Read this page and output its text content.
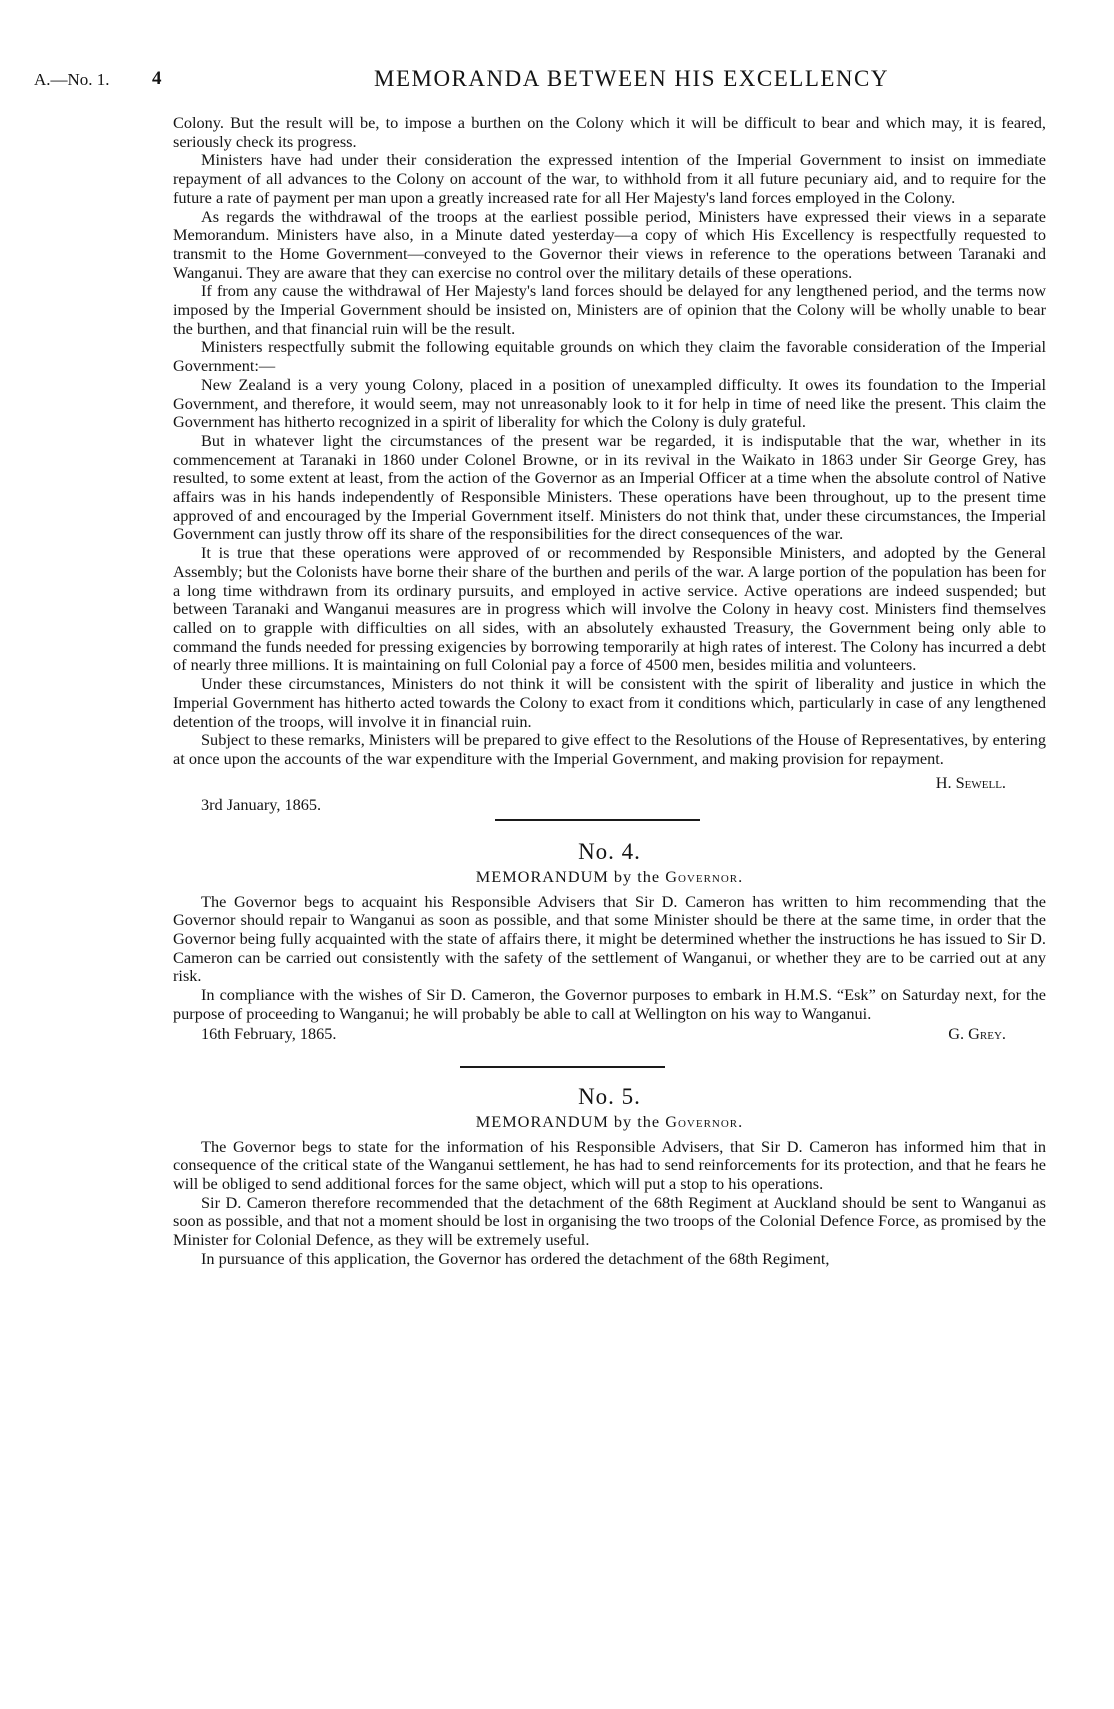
A.—No. 1. 4	MEMORANDA BETWEEN HIS EXCELLENCY

Colony. But the result will be, to impose a burthen on the Colony which it will be difficult to bear and which may, it is feared, seriously check its progress.

Ministers have had under their consideration the expressed intention of the Imperial Government to insist on immediate repayment of all advances to the Colony on account of the war, to withhold from it all future pecuniary aid, and to require for the future a rate of payment per man upon a greatly increased rate for all Her Majesty's land forces employed in the Colony.

As regards the withdrawal of the troops at the earliest possible period, Ministers have expressed their views in a separate Memorandum. Ministers have also, in a Minute dated yesterday—a copy of which His Excellency is respectfully requested to transmit to the Home Government—conveyed to the Governor their views in reference to the operations between Taranaki and Wanganui. They are aware that they can exercise no control over the military details of these operations.

If from any cause the withdrawal of Her Majesty's land forces should be delayed for any lengthened period, and the terms now imposed by the Imperial Government should be insisted on, Ministers are of opinion that the Colony will be wholly unable to bear the burthen, and that financial ruin will be the result.

Ministers respectfully submit the following equitable grounds on which they claim the favorable consideration of the Imperial Government:—

New Zealand is a very young Colony, placed in a position of unexampled difficulty. It owes its foundation to the Imperial Government, and therefore, it would seem, may not unreasonably look to it for help in time of need like the present. This claim the Government has hitherto recognized in a spirit of liberality for which the Colony is duly grateful.

But in whatever light the circumstances of the present war be regarded, it is indisputable that the war, whether in its commencement at Taranaki in 1860 under Colonel Browne, or in its revival in the Waikato in 1863 under Sir George Grey, has resulted, to some extent at least, from the action of the Governor as an Imperial Officer at a time when the absolute control of Native affairs was in his hands independently of Responsible Ministers. These operations have been throughout, up to the present time approved of and encouraged by the Imperial Government itself. Ministers do not think that, under these circumstances, the Imperial Government can justly throw off its share of the responsibilities for the direct consequences of the war.

It is true that these operations were approved of or recommended by Responsible Ministers, and adopted by the General Assembly; but the Colonists have borne their share of the burthen and perils of the war. A large portion of the population has been for a long time withdrawn from its ordinary pursuits, and employed in active service. Active operations are indeed suspended; but between Taranaki and Wanganui measures are in progress which will involve the Colony in heavy cost. Ministers find themselves called on to grapple with difficulties on all sides, with an absolutely exhausted Treasury, the Government being only able to command the funds needed for pressing exigencies by borrowing temporarily at high rates of interest. The Colony has incurred a debt of nearly three millions. It is maintaining on full Colonial pay a force of 4500 men, besides militia and volunteers.

Under these circumstances, Ministers do not think it will be consistent with the spirit of liberality and justice in which the Imperial Government has hitherto acted towards the Colony to exact from it conditions which, particularly in case of any lengthened detention of the troops, will involve it in financial ruin.

Subject to these remarks, Ministers will be prepared to give effect to the Resolutions of the House of Representatives, by entering at once upon the accounts of the war expenditure with the Imperial Government, and making provision for repayment.

H. Sewell.
3rd January, 1865.
No. 4.
MEMORANDUM by the Governor.

The Governor begs to acquaint his Responsible Advisers that Sir D. Cameron has written to him recommending that the Governor should repair to Wanganui as soon as possible, and that some Minister should be there at the same time, in order that the Governor being fully acquainted with the state of affairs there, it might be determined whether the instructions he has issued to Sir D. Cameron can be carried out consistently with the safety of the settlement of Wanganui, or whether they are to be carried out at any risk.

In compliance with the wishes of Sir D. Cameron, the Governor purposes to embark in H.M.S. “Esk” on Saturday next, for the purpose of proceeding to Wanganui; he will probably be able to call at Wellington on his way to Wanganui.

16th February, 1865.	G. Grey.
No. 5.
MEMORANDUM by the Governor.

The Governor begs to state for the information of his Responsible Advisers, that Sir D. Cameron has informed him that in consequence of the critical state of the Wanganui settlement, he has had to send reinforcements for its protection, and that he fears he will be obliged to send additional forces for the same object, which will put a stop to his operations.

Sir D. Cameron therefore recommended that the detachment of the 68th Regiment at Auckland should be sent to Wanganui as soon as possible, and that not a moment should be lost in organising the two troops of the Colonial Defence Force, as promised by the Minister for Colonial Defence, as they will be extremely useful.

In pursuance of this application, the Governor has ordered the detachment of the 68th Regiment,
